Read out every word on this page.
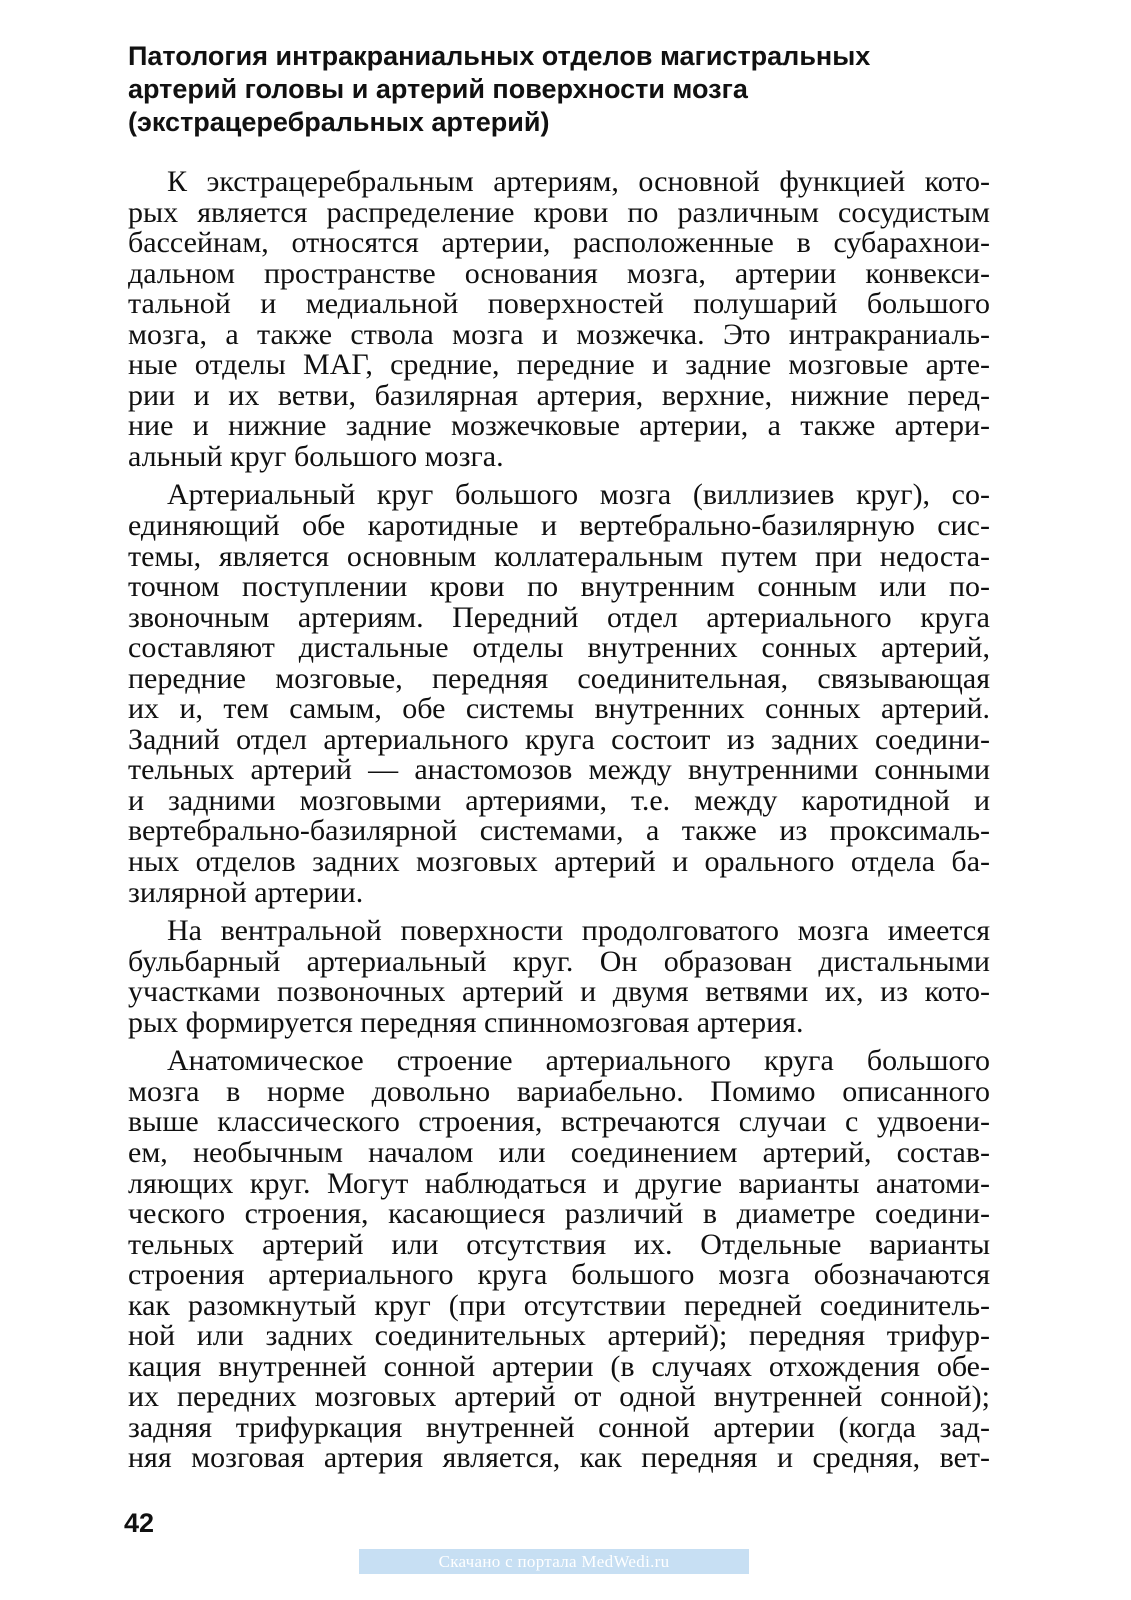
Патология интракраниальных отделов магистральных
артерий головы и артерий поверхности мозга
(экстрацеребральных артерий)

К экстрацеребральным артериям, основной функцией кото-
рых является распределение крови по различным сосудистым
бассейнам, относятся артерии, расположенные в субарахнои-
дальном пространстве основания мозга, артерии конвекси-
тальной и медиальной поверхностей полушарий большого
мозга, а также ствола мозга и мозжечка. Это интракраниаль-
ные отделы МАГ, средние, передние и задние мозговые арте-
рии и их ветви, базилярная артерия, верхние, нижние перед-
ние и нижние задние мозжечковые артерии, а также артери-
альный круг большого мозга.

Артериальный круг большого мозга (виллизиев круг), со-
единяющий обе каротидные и вертебрально-базилярную сис-
темы, является основным коллатеральным путем при недоста-
точном поступлении крови по внутренним сонным или по-
звоночным артериям. Передний отдел артериального круга
составляют дистальные отделы внутренних сонных артерий,
передние мозговые, передняя соединительная, связывающая
их и, тем самым, обе системы внутренних сонных артерий.
Задний отдел артериального круга состоит из задних соедини-
тельных артерий — анастомозов между внутренними сонными
и задними мозговыми артериями, т.е. между каротидной и
вертебрально-базилярной системами, а также из проксималь-
ных отделов задних мозговых артерий и орального отдела ба-
зилярной артерии.

На вентральной поверхности продолговатого мозга имеется
бульбарный артериальный круг. Он образован дистальными
участками позвоночных артерий и двумя ветвями их, из кото-
рых формируется передняя спинномозговая артерия.

Анатомическое строение артериального круга большого
мозга в норме довольно вариабельно. Помимо описанного
выше классического строения, встречаются случаи с удвоени-
ем, необычным началом или соединением артерий, состав-
ляющих круг. Могут наблюдаться и другие варианты анатоми-
ческого строения, касающиеся различий в диаметре соедини-
тельных артерий или отсутствия их. Отдельные варианты
строения артериального круга большого мозга обозначаются
как разомкнутый круг (при отсутствии передней соединитель-
ной или задних соединительных артерий); передняя трифур-
кация внутренней сонной артерии (в случаях отхождения обе-
их передних мозговых артерий от одной внутренней сонной);
задняя трифуркация внутренней сонной артерии (когда зад-
няя мозговая артерия является, как передняя и средняя, вет-

42
Скачано с портала MedWedi.ru
